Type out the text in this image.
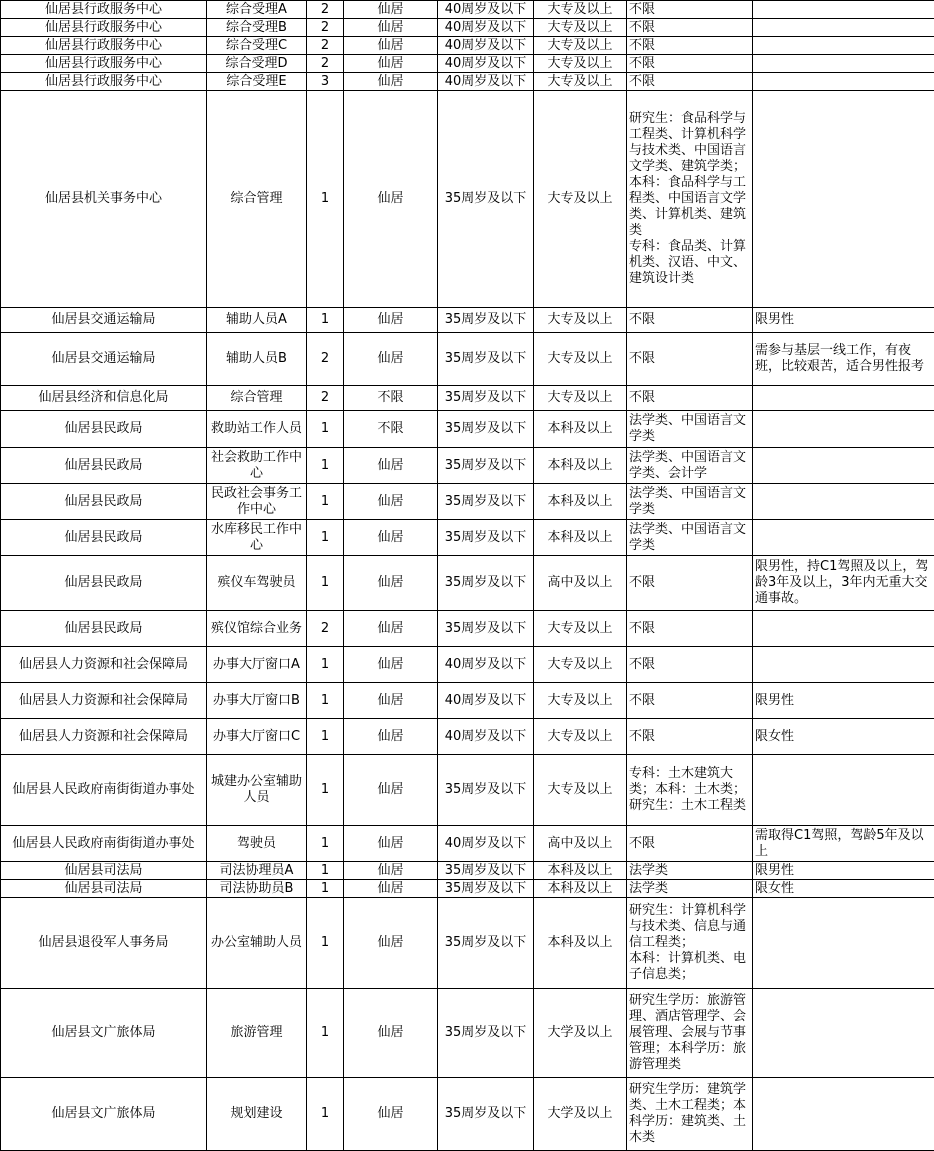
仙居县行政服务中心	综合受理A	2	仙居	40周岁及以下	大专及以上	不限	
仙居县行政服务中心	综合受理B	2	仙居	40周岁及以下	大专及以上	不限	
仙居县行政服务中心	综合受理C	2	仙居	40周岁及以下	大专及以上	不限	
仙居县行政服务中心	综合受理D	2	仙居	40周岁及以下	大专及以上	不限	
仙居县行政服务中心	综合受理E	3	仙居	40周岁及以下	大专及以上	不限	
仙居县机关事务中心	综合管理	1	仙居	35周岁及以下	大专及以上	研究生：食品科学与工程类、计算机科学与技术类、中国语言文学类、建筑学类；
本科：食品科学与工程类、中国语言文学类、计算机类、建筑类
专科：食品类、计算机类、汉语、中文、建筑设计类	
仙居县交通运输局	辅助人员A	1	仙居	35周岁及以下	大专及以上	不限	限男性
仙居县交通运输局	辅助人员B	2	仙居	35周岁及以下	大专及以上	不限	需参与基层一线工作，有夜班，比较艰苦，适合男性报考
仙居县经济和信息化局	综合管理	2	不限	35周岁及以下	大专及以上	不限	
仙居县民政局	救助站工作人员	1	不限	35周岁及以下	本科及以上	法学类、中国语言文学类	
仙居县民政局	社会救助工作中心	1	仙居	35周岁及以下	本科及以上	法学类、中国语言文学类、会计学	
仙居县民政局	民政社会事务工作中心	1	仙居	35周岁及以下	本科及以上	法学类、中国语言文学类	
仙居县民政局	水库移民工作中心	1	仙居	35周岁及以下	本科及以上	法学类、中国语言文学类	
仙居县民政局	殡仪车驾驶员	1	仙居	35周岁及以下	高中及以上	不限	限男性，持C1驾照及以上，驾龄3年及以上，3年内无重大交通事故。
仙居县民政局	殡仪馆综合业务	2	仙居	35周岁及以下	大专及以上	不限	
仙居县人力资源和社会保障局	办事大厅窗口A	1	仙居	40周岁及以下	大专及以上	不限	
仙居县人力资源和社会保障局	办事大厅窗口B	1	仙居	40周岁及以下	大专及以上	不限	限男性
仙居县人力资源和社会保障局	办事大厅窗口C	1	仙居	40周岁及以下	大专及以上	不限	限女性
仙居县人民政府南街街道办事处	城建办公室辅助人员	1	仙居	35周岁及以下	大专及以上	专科：土木建筑大类；本科：土木类；研究生：土木工程类	
仙居县人民政府南街街道办事处	驾驶员	1	仙居	40周岁及以下	高中及以上	不限	需取得C1驾照，驾龄5年及以上
仙居县司法局	司法协理员A	1	仙居	35周岁及以下	本科及以上	法学类	限男性
仙居县司法局	司法协助员B	1	仙居	35周岁及以下	本科及以上	法学类	限女性
仙居县退役军人事务局	办公室辅助人员	1	仙居	35周岁及以下	本科及以上	研究生：计算机科学与技术类、信息与通信工程类；
本科：计算机类、电子信息类；	
仙居县文广旅体局	旅游管理	1	仙居	35周岁及以下	大学及以上	研究生学历：旅游管理、酒店管理学、会展管理、会展与节事管理；本科学历：旅游管理类	
仙居县文广旅体局	规划建设	1	仙居	35周岁及以下	大学及以上	研究生学历：建筑学类、土木工程类；本科学历：建筑类、土木类	
